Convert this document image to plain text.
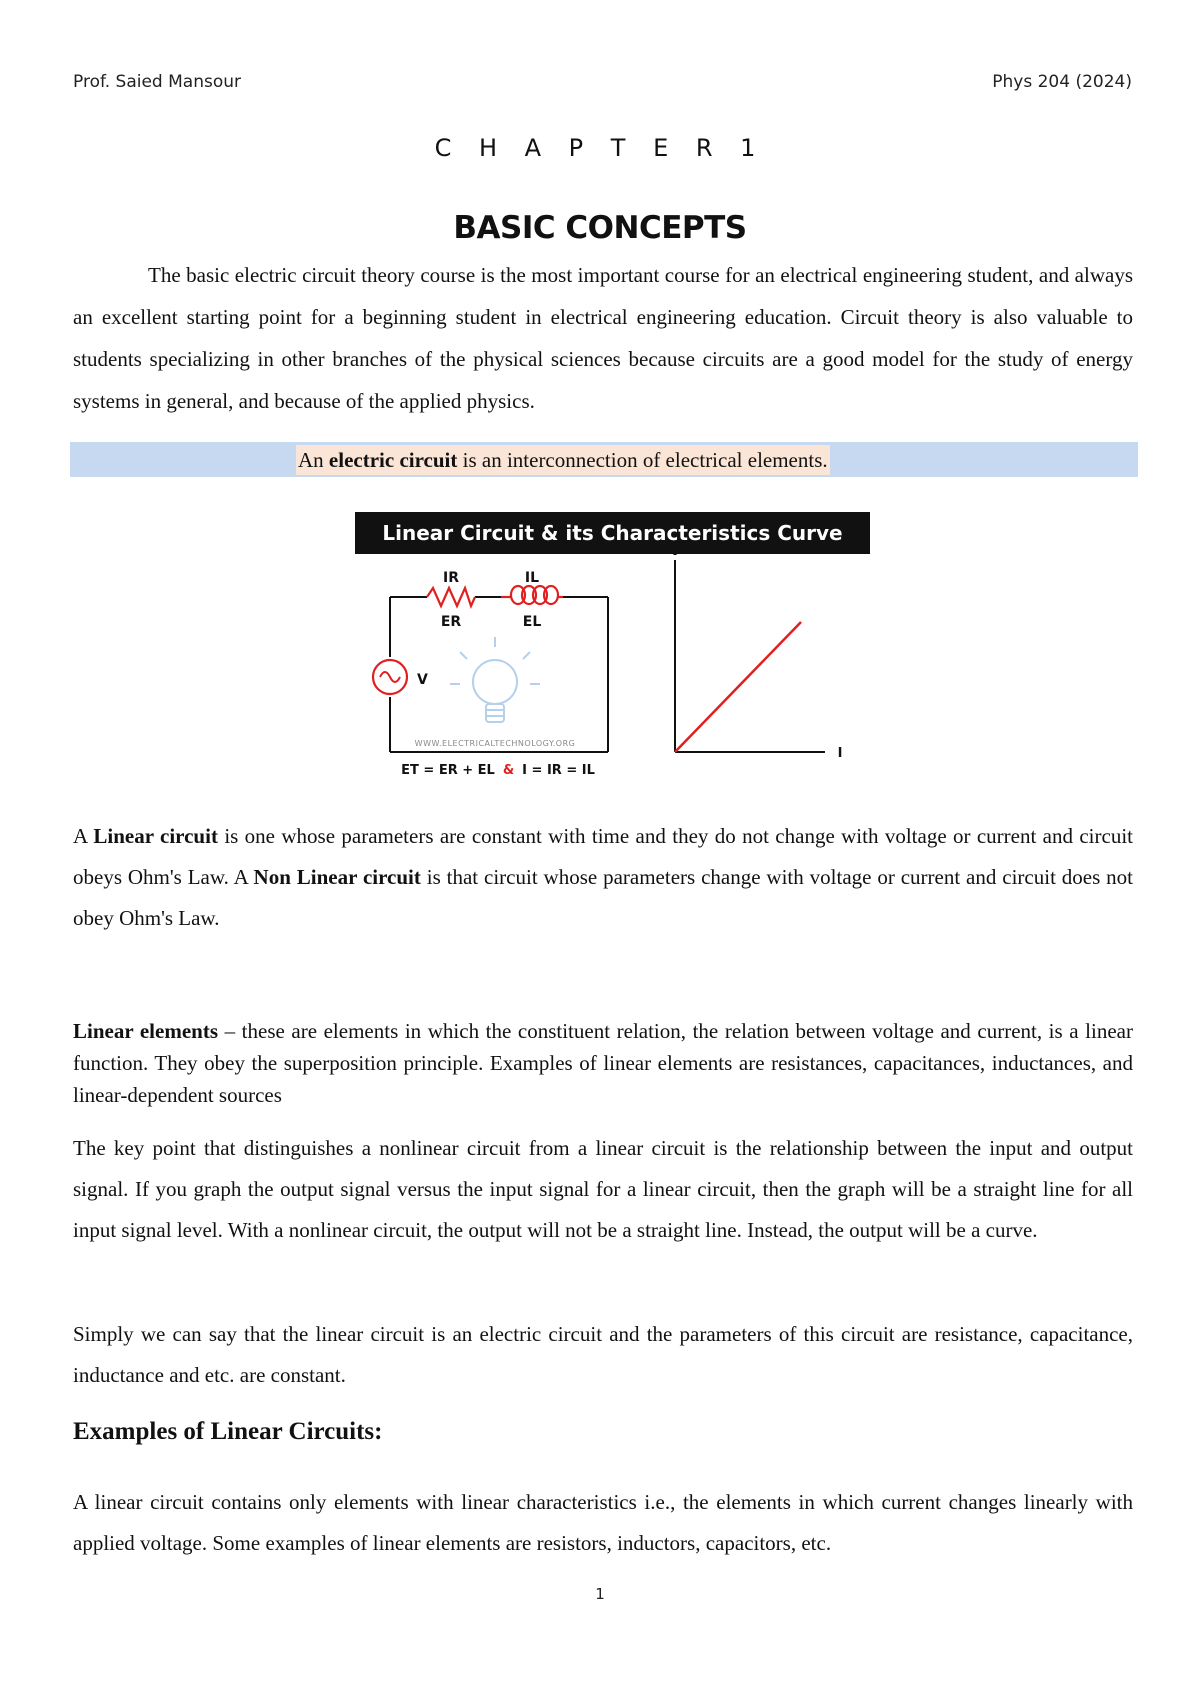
Prof. Saied Mansour	Phys 204 (2024)
C H A P T E R 1
BASIC CONCEPTS
The basic electric circuit theory course is the most important course for an electrical engineering student, and always an excellent starting point for a beginning student in electrical engineering education. Circuit theory is also valuable to students specializing in other branches of the physical sciences because circuits are a good model for the study of energy systems in general, and because of the applied physics.
An electric circuit is an interconnection of electrical elements.
Linear Circuit & its Characteristics Curve
IR	IL
ER	EL
V
WWW.ELECTRICALTECHNOLOGY.ORG
ET = ER + EL & I = IR = IL
V
I
A Linear circuit is one whose parameters are constant with time and they do not change with voltage or current and circuit obeys Ohm's Law. A Non Linear circuit is that circuit whose parameters change with voltage or current and circuit does not obey Ohm's Law.
Linear elements – these are elements in which the constituent relation, the relation between voltage and current, is a linear function. They obey the superposition principle. Examples of linear elements are resistances, capacitances, inductances, and linear-dependent sources
The key point that distinguishes a nonlinear circuit from a linear circuit is the relationship between the input and output signal. If you graph the output signal versus the input signal for a linear circuit, then the graph will be a straight line for all input signal level. With a nonlinear circuit, the output will not be a straight line. Instead, the output will be a curve.
Simply we can say that the linear circuit is an electric circuit and the parameters of this circuit are resistance, capacitance, inductance and etc. are constant.
Examples of Linear Circuits:
A linear circuit contains only elements with linear characteristics i.e., the elements in which current changes linearly with applied voltage. Some examples of linear elements are resistors, inductors, capacitors, etc.
1
